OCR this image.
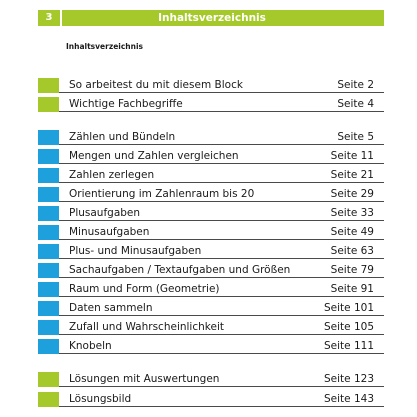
3	Inhaltsverzeichnis
Inhaltsverzeichnis
So arbeitest du mit diesem Block	Seite 2
Wichtige Fachbegriffe	Seite 4
Zählen und Bündeln	Seite 5
Mengen und Zahlen vergleichen	Seite 11
Zahlen zerlegen	Seite 21
Orientierung im Zahlenraum bis 20	Seite 29
Plusaufgaben	Seite 33
Minusaufgaben	Seite 49
Plus- und Minusaufgaben	Seite 63
Sachaufgaben / Textaufgaben und Größen	Seite 79
Raum und Form (Geometrie)	Seite 91
Daten sammeln	Seite 101
Zufall und Wahrscheinlichkeit	Seite 105
Knobeln	Seite 111
Lösungen mit Auswertungen	Seite 123
Lösungsbild	Seite 143
